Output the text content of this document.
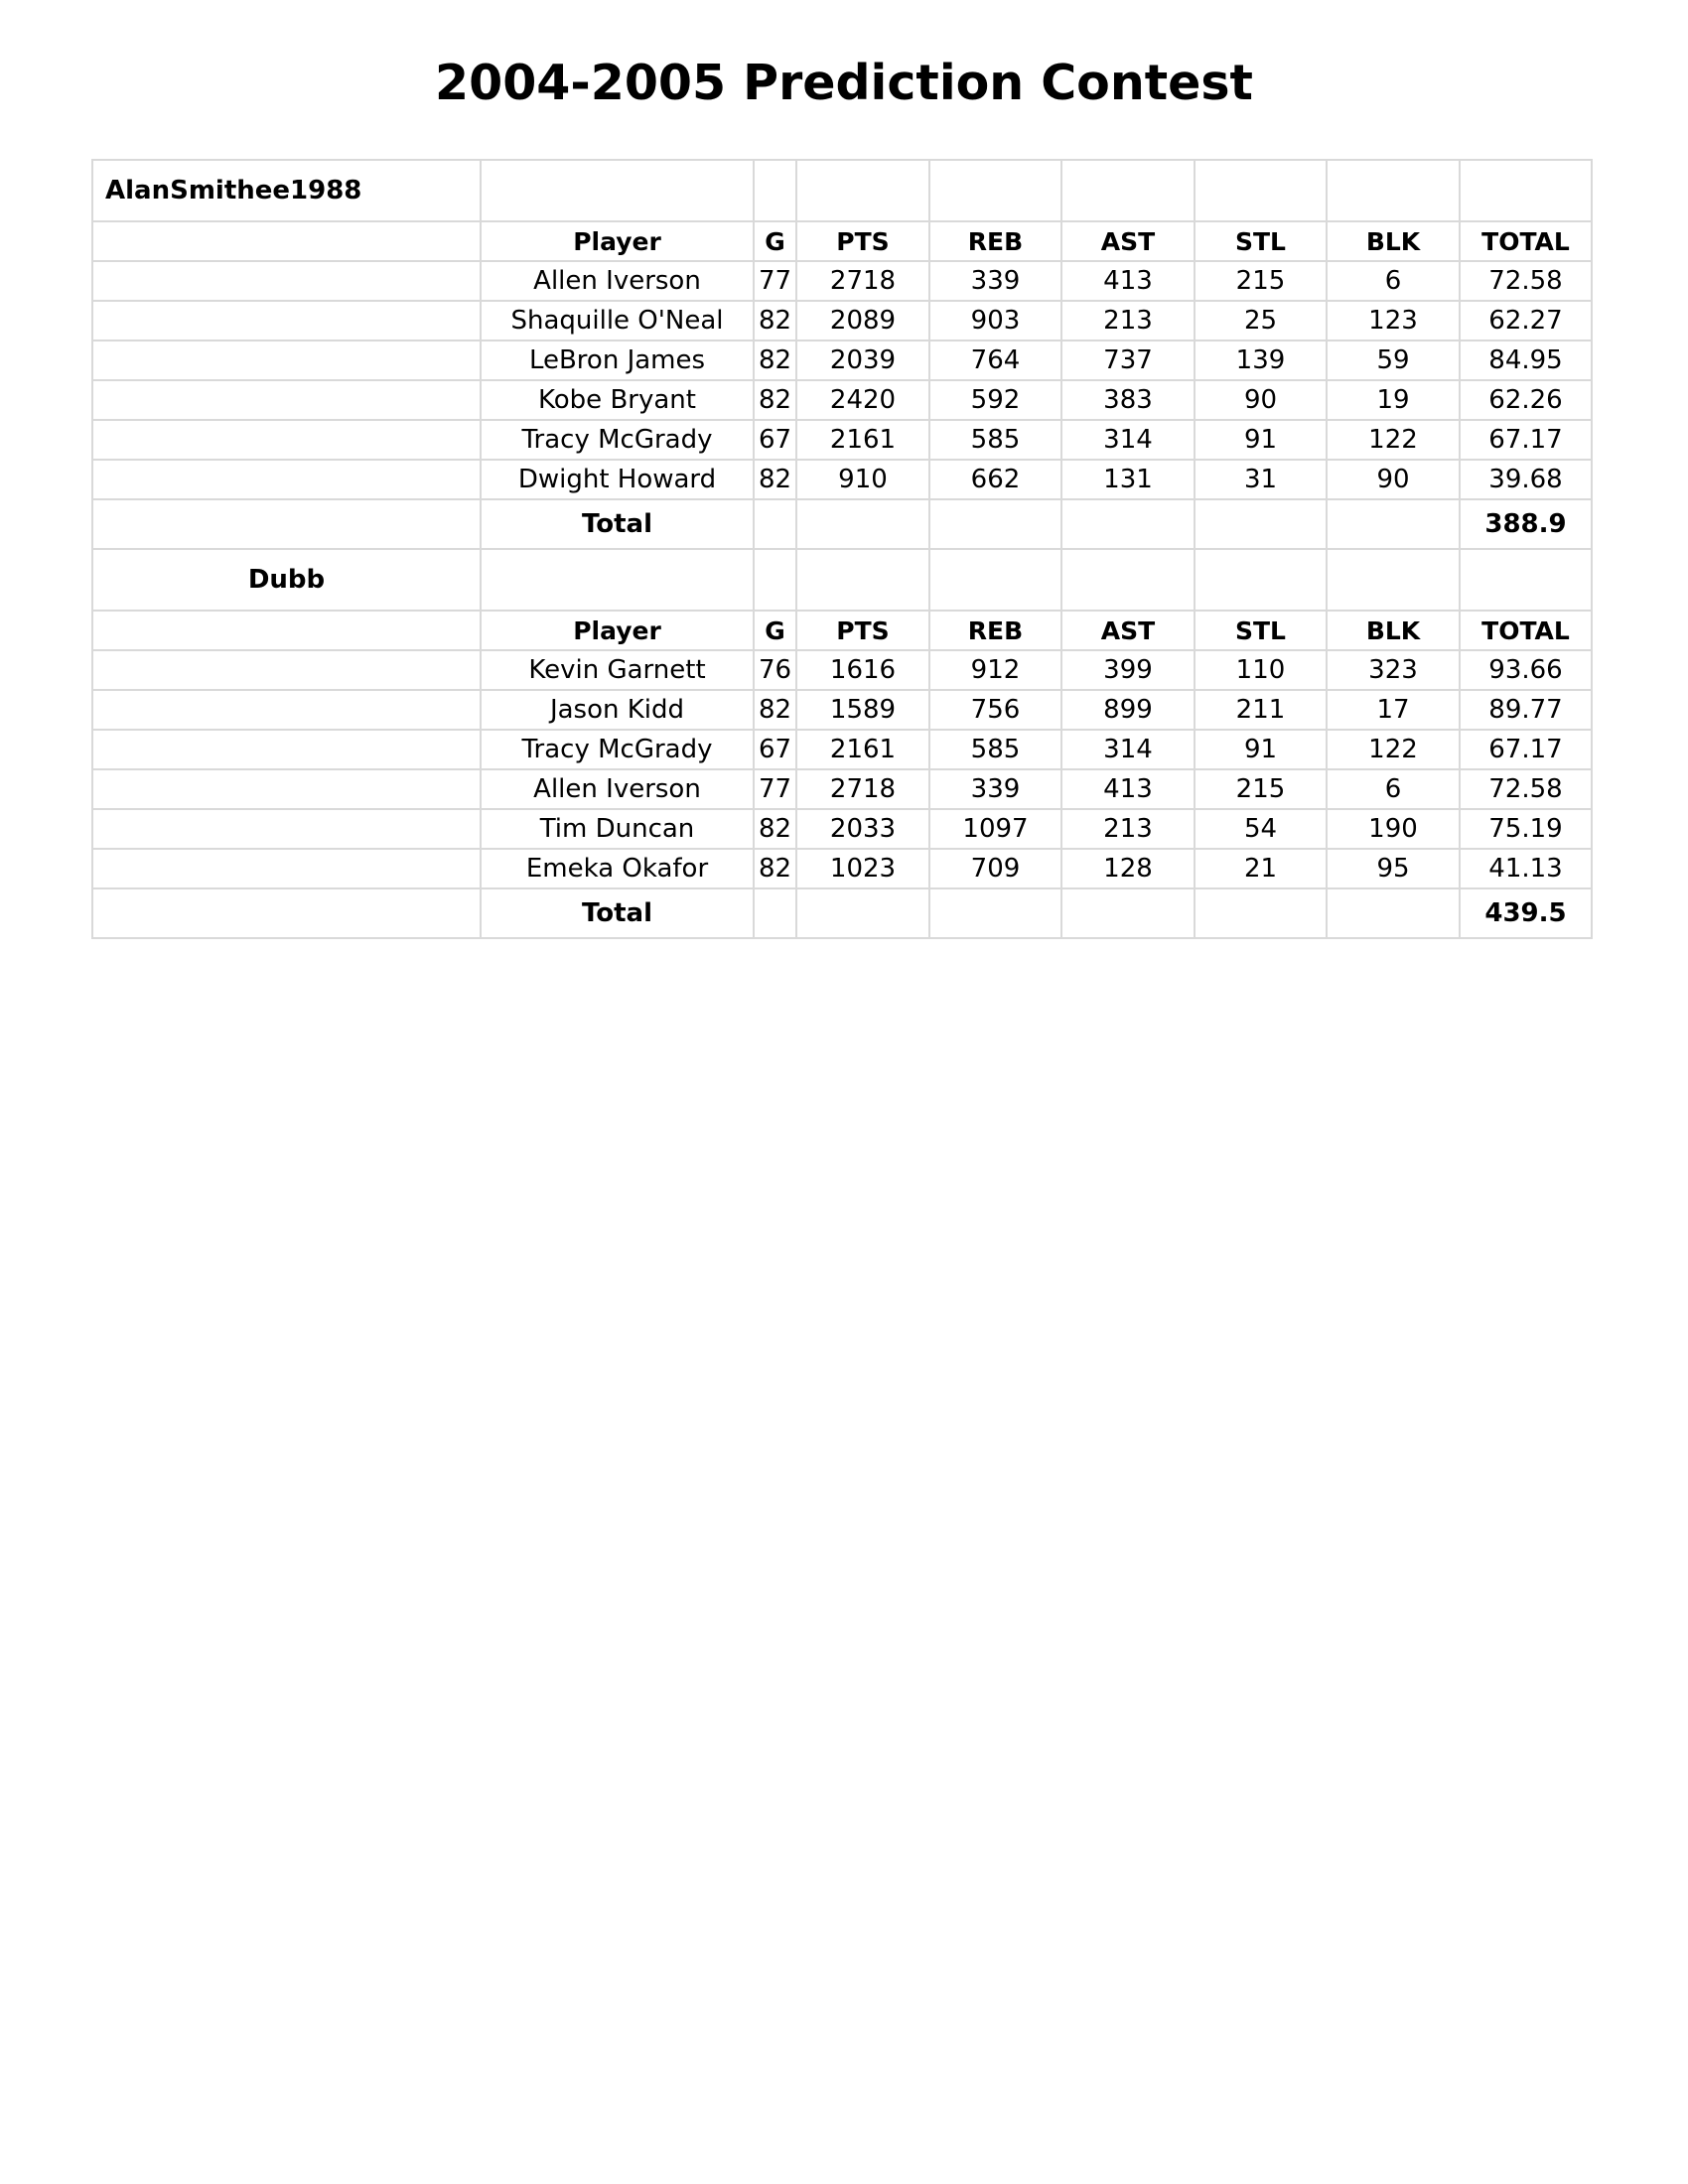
2004-2005 Prediction Contest
AlanSmithee1988								
	Player	G	PTS	REB	AST	STL	BLK	TOTAL
	Allen Iverson	77	2718	339	413	215	6	72.58
	Shaquille O'Neal	82	2089	903	213	25	123	62.27
	LeBron James	82	2039	764	737	139	59	84.95
	Kobe Bryant	82	2420	592	383	90	19	62.26
	Tracy McGrady	67	2161	585	314	91	122	67.17
	Dwight Howard	82	910	662	131	31	90	39.68
	Total							388.9
Dubb								
	Player	G	PTS	REB	AST	STL	BLK	TOTAL
	Kevin Garnett	76	1616	912	399	110	323	93.66
	Jason Kidd	82	1589	756	899	211	17	89.77
	Tracy McGrady	67	2161	585	314	91	122	67.17
	Allen Iverson	77	2718	339	413	215	6	72.58
	Tim Duncan	82	2033	1097	213	54	190	75.19
	Emeka Okafor	82	1023	709	128	21	95	41.13
	Total							439.5
